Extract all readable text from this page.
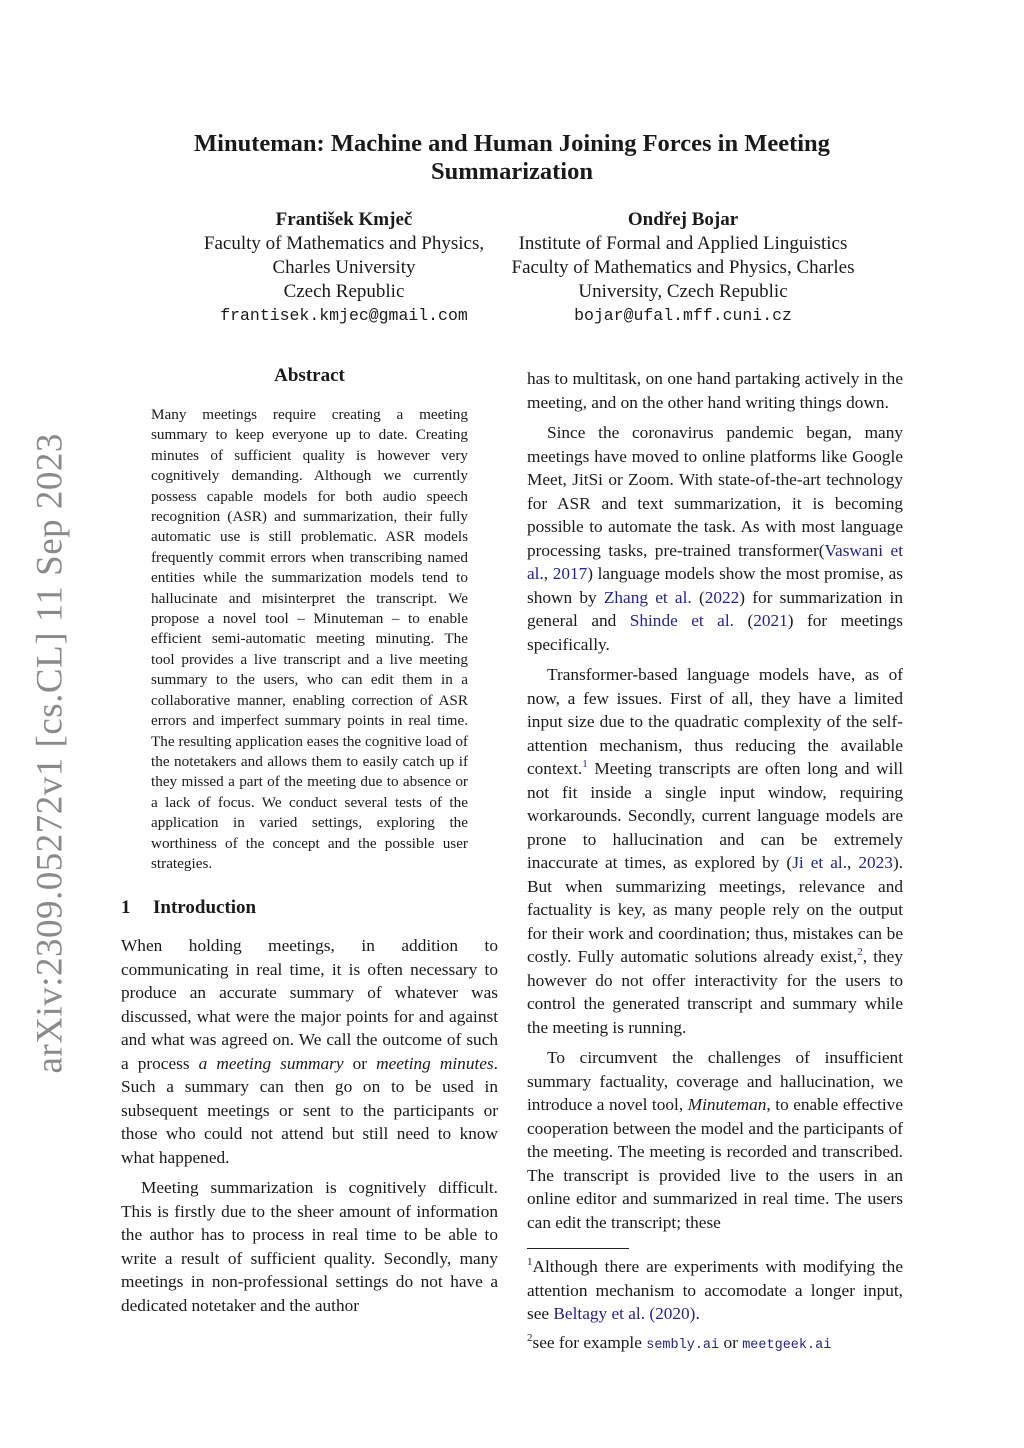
arXiv:2309.05272v1 [cs.CL] 11 Sep 2023
Minuteman: Machine and Human Joining Forces in Meeting Summarization
František Kmječ
Faculty of Mathematics and Physics,
Charles University
Czech Republic
frantisek.kmjec@gmail.com
Ondřej Bojar
Institute of Formal and Applied Linguistics
Faculty of Mathematics and Physics, Charles
University, Czech Republic
bojar@ufal.mff.cuni.cz
Abstract

Many meetings require creating a meeting summary to keep everyone up to date. Creating minutes of sufficient quality is however very cognitively demanding. Although we currently possess capable models for both audio speech recognition (ASR) and summarization, their fully automatic use is still problematic. ASR models frequently commit errors when transcribing named entities while the summarization models tend to hallucinate and misinterpret the transcript. We propose a novel tool – Minuteman – to enable efficient semi-automatic meeting minuting. The tool provides a live transcript and a live meeting summary to the users, who can edit them in a collaborative manner, enabling correction of ASR errors and imperfect summary points in real time. The resulting application eases the cognitive load of the notetakers and allows them to easily catch up if they missed a part of the meeting due to absence or a lack of focus. We conduct several tests of the application in varied settings, exploring the worthiness of the concept and the possible user strategies.

1 Introduction

When holding meetings, in addition to communicating in real time, it is often necessary to produce an accurate summary of whatever was discussed, what were the major points for and against and what was agreed on. We call the outcome of such a process a meeting summary or meeting minutes. Such a summary can then go on to be used in subsequent meetings or sent to the participants or those who could not attend but still need to know what happened.

Meeting summarization is cognitively difficult. This is firstly due to the sheer amount of information the author has to process in real time to be able to write a result of sufficient quality. Secondly, many meetings in non-professional settings do not have a dedicated notetaker and the author

has to multitask, on one hand partaking actively in the meeting, and on the other hand writing things down.

Since the coronavirus pandemic began, many meetings have moved to online platforms like Google Meet, JitSi or Zoom. With state-of-the-art technology for ASR and text summarization, it is becoming possible to automate the task. As with most language processing tasks, pre-trained transformer(Vaswani et al., 2017) language models show the most promise, as shown by Zhang et al. (2022) for summarization in general and Shinde et al. (2021) for meetings specifically.

Transformer-based language models have, as of now, a few issues. First of all, they have a limited input size due to the quadratic complexity of the self-attention mechanism, thus reducing the available context.$^1$ Meeting transcripts are often long and will not fit inside a single input window, requiring workarounds. Secondly, current language models are prone to hallucination and can be extremely inaccurate at times, as explored by (Ji et al., 2023). But when summarizing meetings, relevance and factuality is key, as many people rely on the output for their work and coordination; thus, mistakes can be costly. Fully automatic solutions already exist,$^2$, they however do not offer interactivity for the users to control the generated transcript and summary while the meeting is running.

To circumvent the challenges of insufficient summary factuality, coverage and hallucination, we introduce a novel tool, Minuteman, to enable effective cooperation between the model and the participants of the meeting. The meeting is recorded and transcribed. The transcript is provided live to the users in an online editor and summarized in real time. The users can edit the transcript; these

$^1$Although there are experiments with modifying the attention mechanism to accomodate a longer input, see Beltagy et al. (2020).

$^2$see for example sembly.ai or meetgeek.ai
